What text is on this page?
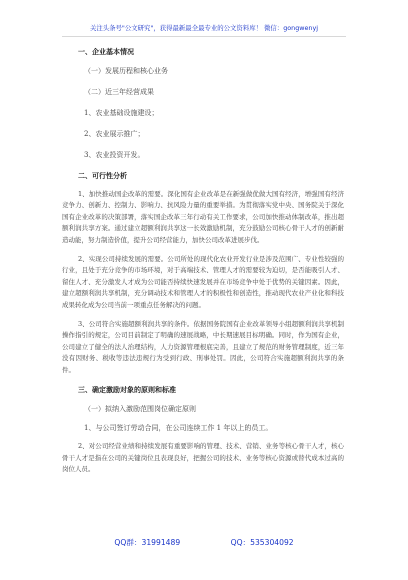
关注头条号"公文研究"，获得最新最全最专业的公文资料库！ 微信：gongwenyj

一、企业基本情况

（一）发展历程和核心业务

（二）近三年经营成果

1、农业基础设施建设；

2、农业展示推广；

3、农业投资开发。

二、可行性分析

1、加快推动国企改革的需要。深化国有企业改革是在新强做优做大国有经济，增强国有经济竞争力、创新力、控制力、影响力、抗风险力量的重要举措。为贯彻落实党中央、国务院关于深化国有企业改革的决策部署，落实国企改革三年行动有关工作要求，公司加快推动体制改革，推出超额利润共享方案。通过建立超额利润共享这一长效激励机制，充分鼓励公司核心骨干人才的创新耐造动能，努力制造价值，提升公司经营能力，加快公司改革进展步伐。

2、实现公司持续发展的需要。公司所处的现代化农业开发行业是涉及范围广、专业性较强的行业，且处于充分竞争的市场环境，对于高端技术、管理人才的需要较为迫切，是否能吸引人才、留住人才、充分激发人才成为公司能否持续快速发展并在市场竞争中处于优势的关键因素。因此，建立超额利润共享机制，充分调动技术和管理人才的积极性和创造性，推动现代农业产业化和科技成果转化成为公司当前一项重点任务解决的问题。

3、公司符合实施超额利润共享的条件。依据国务院国有企业改革领导小组超额利润共享机制操作指引的规定，公司目前制定了明确的速展战略，中长期速展目标明确。同时，作为国有企业，公司建立了健全的法人治理结构，人力资源管理根底完善，且建立了规范的财务管理制度，近三年没有因财务、税收等违法违规行为受到行政、刑事处罚。因此，公司符合实施超额利润共享的条件。

三、确定激励对象的原则和标准

（一）拟纳入激励范围岗位确定原则

1、与公司签订劳动合同，在公司连续工作 1 年以上的员工。

2、对公司经营业绩和持续发展有重要影响的管理、技术、营销、业务等核心骨干人才，核心骨干人才是指在公司的关键岗位且表现良好，把握公司的技术、业务等核心资源或替代成本过高的岗位人员。

QQ群：31991489	QQ：535304092
